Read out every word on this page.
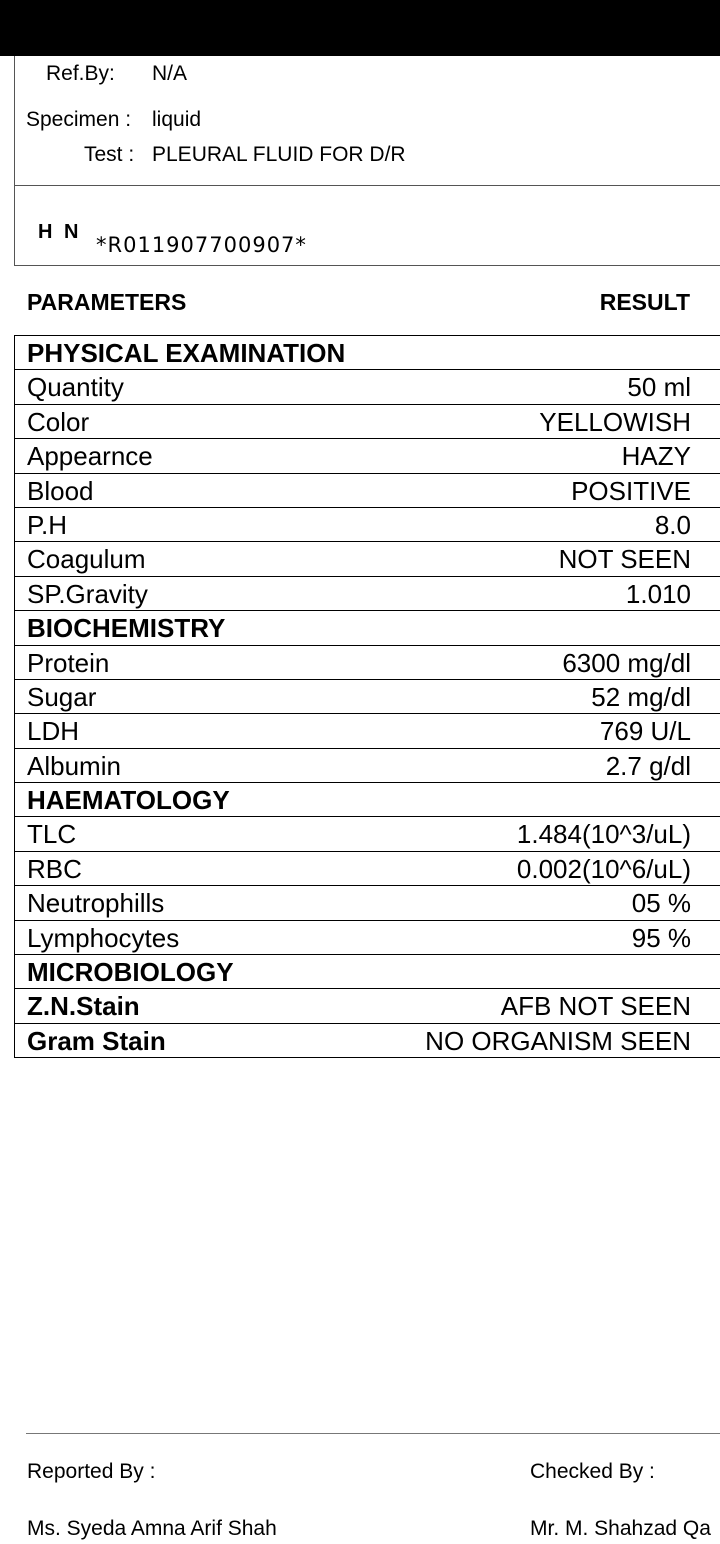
Ref.By: N/A
Specimen : liquid
Test : PLEURAL FLUID FOR D/R
H N
*R011907700907*
PARAMETERS	RESULT
PHYSICAL EXAMINATION
Quantity	50 ml
Color	YELLOWISH
Appearnce	HAZY
Blood	POSITIVE
P.H	8.0
Coagulum	NOT SEEN
SP.Gravity	1.010
BIOCHEMISTRY
Protein	6300 mg/dl
Sugar	52 mg/dl
LDH	769 U/L
Albumin	2.7 g/dl
HAEMATOLOGY
TLC	1.484(10^3/uL)
RBC	0.002(10^6/uL)
Neutrophills	05 %
Lymphocytes	95 %
MICROBIOLOGY
Z.N.Stain	AFB NOT SEEN
Gram Stain	NO ORGANISM SEEN
Reported By :	Checked By :
Ms. Syeda Amna Arif Shah	Mr. M. Shahzad Qa
